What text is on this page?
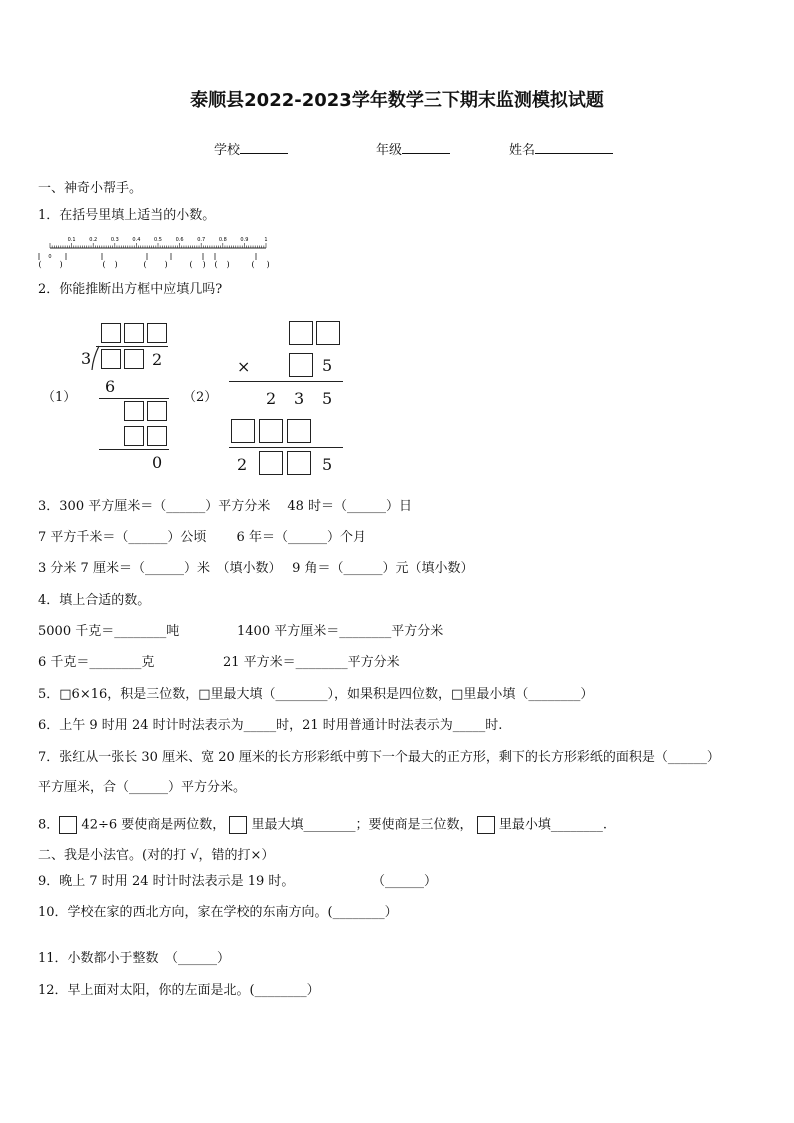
泰顺县2022-2023学年数学三下期末监测模拟试题
学校	年级	姓名
一、神奇小帮手。
1．在括号里填上适当的小数。
0
0.1	0.2	0.3	0.4	0.5	0.6	0.7	0.8	0.9	1
( )	( )	( )	( ) ( )	( )
2．你能推断出方框中应填几吗?
（1）	（2）
3	2
6
0
×	5
2 3 5
2	5
3．300 平方厘米＝（______）平方分米　 48 时＝（______）日
7 平方千米＝（______）公顷　　 6 年＝（______）个月
3 分米 7 厘米＝（______）米　（填小数）　 9 角＝（______）元（填小数）
4．填上合适的数。
5000 千克＝________吨	1400 平方厘米＝________平方分米
6 千克＝________克	21 平方米＝________平方分米
5．□6×16，积是三位数，□里最大填（________），如果积是四位数，□里最小填（________）
6．上午 9 时用 24 时计时法表示为_____时，21 时用普通计时法表示为_____时.
7．张红从一张长 30 厘米、宽 20 厘米的长方形彩纸中剪下一个最大的正方形，剩下的长方形彩纸的面积是（______）
平方厘米，合（______）平方分米。
8． 42÷6 要使商是两位数， 里最大填________；要使商是三位数， 里最小填________.
二、我是小法官。(对的打 √，错的打×）
9．晚上 7 时用 24 时计时法表示是 19 时。	（______）
10．学校在家的西北方向，家在学校的东南方向。(________）
11．小数都小于整数　（______）
12．早上面对太阳，你的左面是北。(________）
